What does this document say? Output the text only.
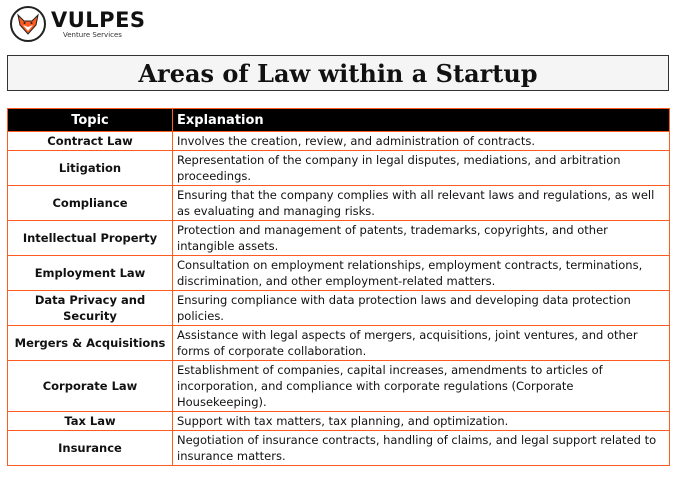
VULPES
Venture Services
Areas of Law within a Startup
Topic	Explanation
Contract Law	Involves the creation, review, and administration of contracts.
Litigation	Representation of the company in legal disputes, mediations, and arbitration proceedings.
Compliance	Ensuring that the company complies with all relevant laws and regulations, as well as evaluating and managing risks.
Intellectual Property	Protection and management of patents, trademarks, copyrights, and other intangible assets.
Employment Law	Consultation on employment relationships, employment contracts, terminations, discrimination, and other employment-related matters.
Data Privacy and Security	Ensuring compliance with data protection laws and developing data protection policies.
Mergers & Acquisitions	Assistance with legal aspects of mergers, acquisitions, joint ventures, and other forms of corporate collaboration.
Corporate Law	Establishment of companies, capital increases, amendments to articles of incorporation, and compliance with corporate regulations (Corporate Housekeeping).
Tax Law	Support with tax matters, tax planning, and optimization.
Insurance	Negotiation of insurance contracts, handling of claims, and legal support related to insurance matters.
